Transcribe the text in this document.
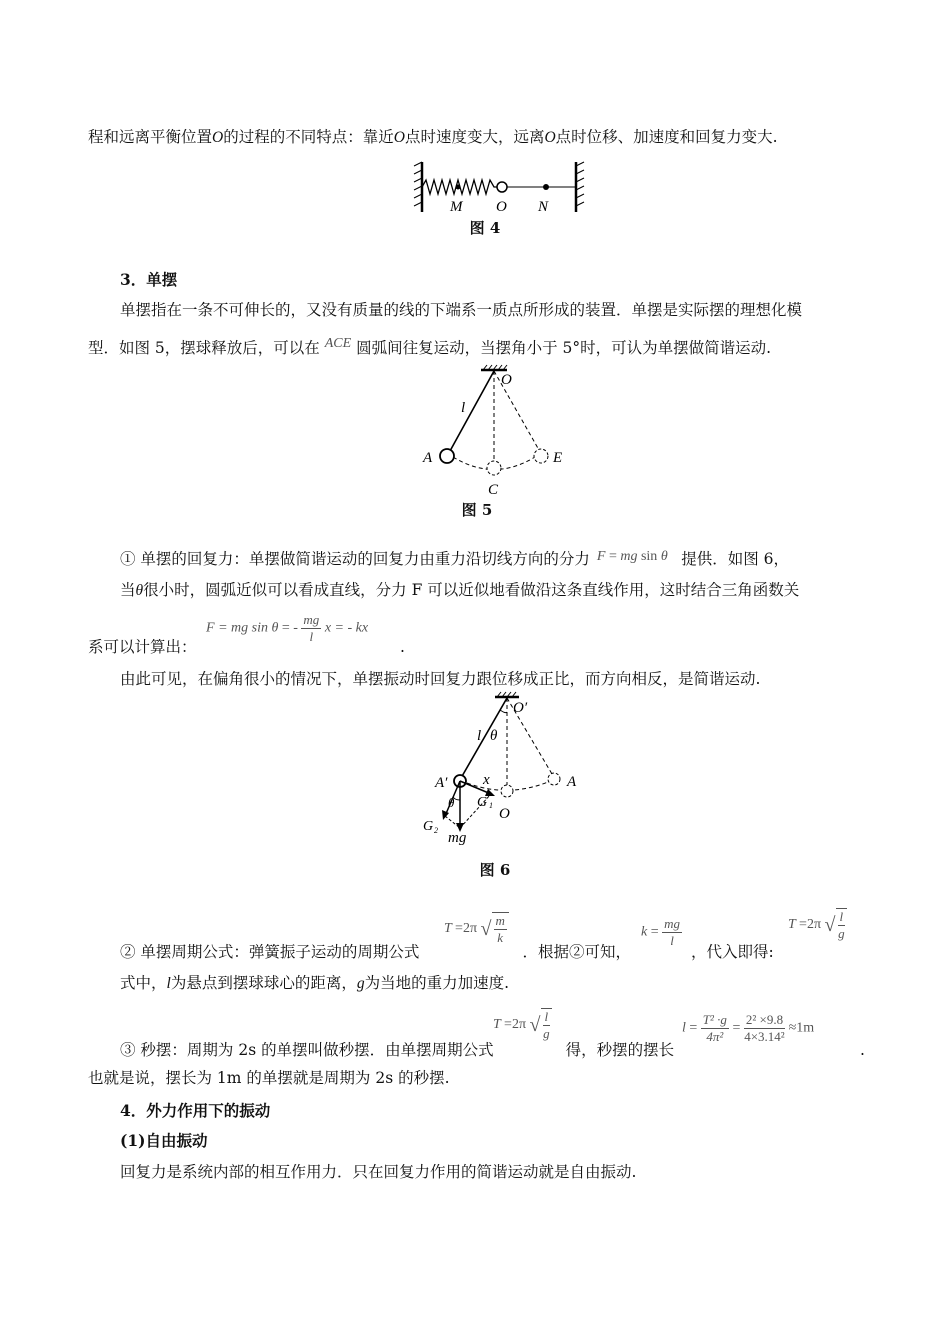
程和远离平衡位置O的过程的不同特点：靠近O点时速度变大，远离O点时位移、加速度和回复力变大.
M O N
图 4
3．单摆
单摆指在一条不可伸长的，又没有质量的线的下端系一质点所形成的装置．单摆是实际摆的理想化模
型．如图 5，摆球释放后，可以在 ACE 圆弧间往复运动，当摆角小于 5°时，可认为单摆做简谐运动.
O
l
A
C
E
图 5
① 单摆的回复力：单摆做简谐运动的回复力由重力沿切线方向的分力 F = mg sin θ 提供．如图 6，
当θ很小时，圆弧近似可以看成直线，分力 F 可以近似地看做沿这条直线作用，这时结合三角函数关
F = mg sin θ = - $\frac{mg}{l}$ x = - kx
系可以计算出：	.
由此可见，在偏角很小的情况下，单摆振动时回复力跟位移成正比，而方向相反，是简谐运动.
O′
l θ
A′ x	A
G 1
O
θ
G 2 mg
图 6
T =2π √ $\frac{m}{k}$	$k = \frac{mg}{l}$	T =2π √ $\frac{l}{g}$
② 单摆周期公式：弹簧振子运动的周期公式	．根据②可知，	，代入即得:
式中，l为悬点到摆球球心的距离，g为当地的重力加速度.
T =2π √ $\frac{l}{g}$	$l = \frac{\text{T² ·g}}{\text{4π²}} = \frac{\text{2² ×9.8}}{\text{4×3.14²}} \approx 1m$
③ 秒摆：周期为 2s 的单摆叫做秒摆．由单摆周期公式	得，秒摆的摆长	.
也就是说，摆长为 1m 的单摆就是周期为 2s 的秒摆.
4．外力作用下的振动
(1)自由振动
回复力是系统内部的相互作用力．只在回复力作用的简谐运动就是自由振动.
